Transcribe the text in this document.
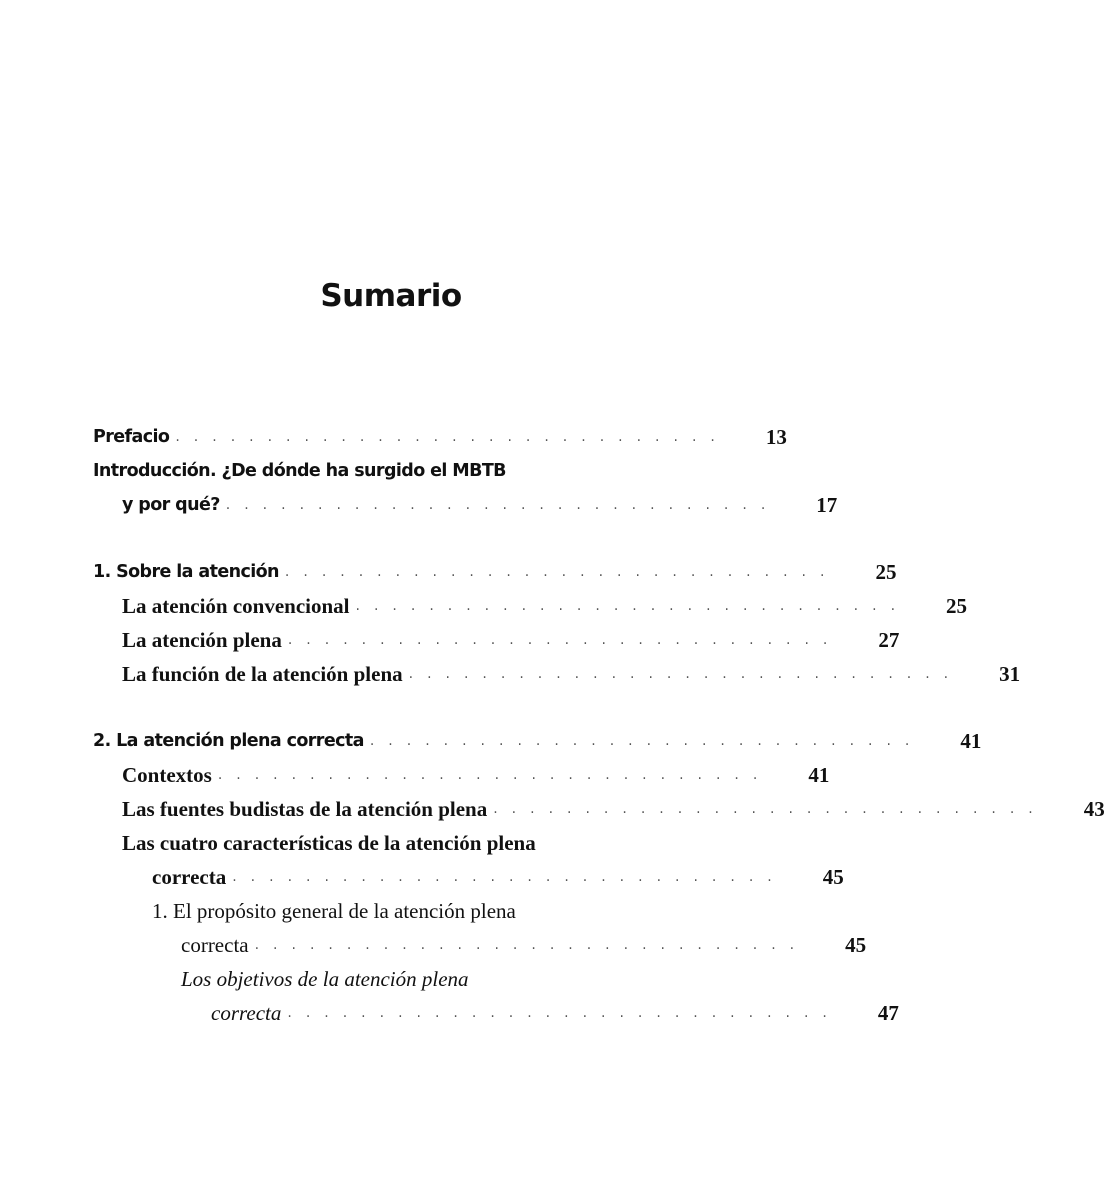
Sumario
Prefacio ..............................	13
Introducción. ¿De dónde ha surgido el MBTB
y por qué? ..............................	17
1. Sobre la atención ..............................	25
La atención convencional ..............................	25
La atención plena ..............................	27
La función de la atención plena ..............................	31
2. La atención plena correcta ..............................	41
Contextos ..............................	41
Las fuentes budistas de la atención plena ..............................	43
Las cuatro características de la atención plena
correcta ..............................	45
1. El propósito general de la atención plena
correcta ..............................	45
Los objetivos de la atención plena
correcta ..............................	47
